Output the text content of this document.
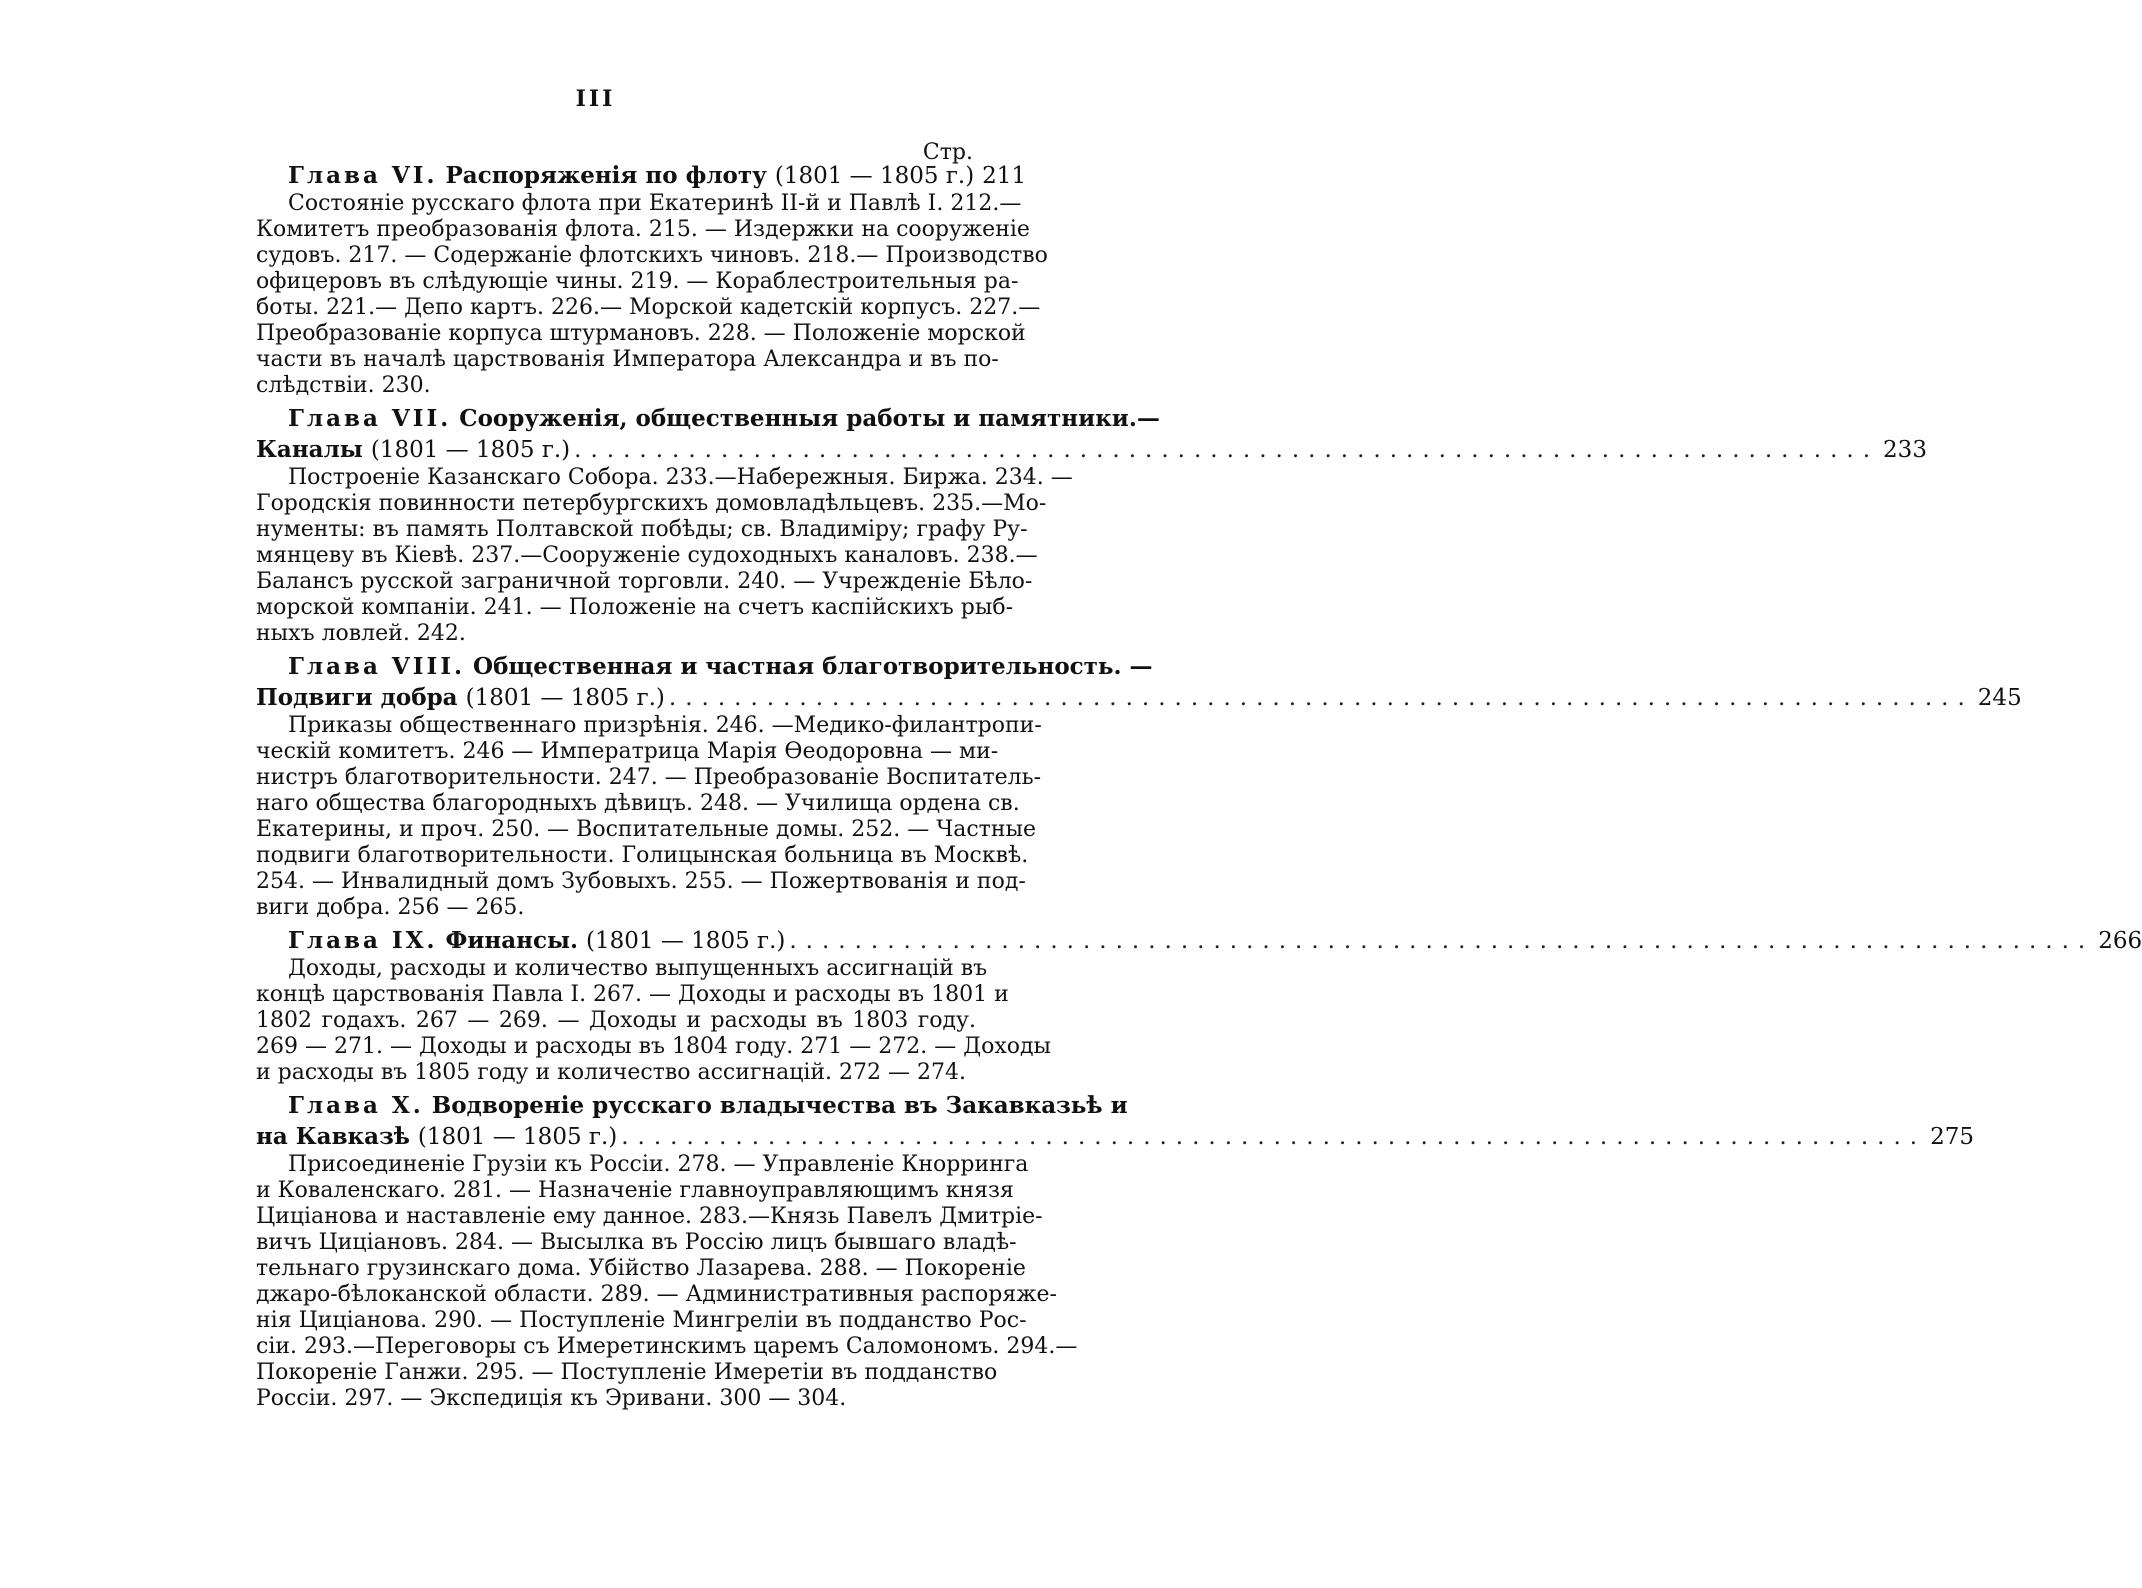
III
Стр.
Глава VI. Распоряженія по флоту (1801 — 1805 г.) 211
Состояніе русскаго флота при Екатеринѣ II-й и Павлѣ I. 212.—
Комитетъ преобразованія флота. 215. — Издержки на сооруженіе
судовъ. 217. — Содержаніе флотскихъ чиновъ. 218.— Производство
офицеровъ въ слѣдующіе чины. 219. — Кораблестроительныя ра-
боты. 221.— Депо картъ. 226.— Морской кадетскій корпусъ. 227.—
Преобразованіе корпуса штурмановъ. 228. — Положеніе морской
части въ началѣ царствованія Императора Александра и въ по-
слѣдствіи. 230.
Глава VII. Сооруженія, общественныя работы и памятники.—
Каналы (1801 — 1805 г.) ................................................................................ 233
Построеніе Казанскаго Собора. 233.—Набережныя. Биржа. 234. —
Городскія повинности петербургскихъ домовладѣльцевъ. 235.—Мо-
нументы: въ память Полтавской побѣды; св. Владиміру; графу Ру-
мянцеву въ Кіевѣ. 237.—Сооруженіе судоходныхъ каналовъ. 238.—
Балансъ русской заграничной торговли. 240. — Учрежденіе Бѣло-
морской компаніи. 241. — Положеніе на счетъ каспійскихъ рыб-
ныхъ ловлей. 242.
Глава VIII. Общественная и частная благотворительность. —
Подвиги добра (1801 — 1805 г.) ................................................................................ 245
Приказы общественнаго призрѣнія. 246. —Медико-филантропи-
ческій комитетъ. 246 — Императрица Марія Ѳеодоровна — ми-
нистръ благотворительности. 247. — Преобразованіе Воспитатель-
наго общества благородныхъ дѣвицъ. 248. — Училища ордена св.
Екатерины, и проч. 250. — Воспитательные домы. 252. — Частные
подвиги благотворительности. Голицынская больница въ Москвѣ.
254. — Инвалидный домъ Зубовыхъ. 255. — Пожертвованія и под-
виги добра. 256 — 265.
Глава IX. Финансы. (1801 — 1805 г.) ................................................................................ 266
Доходы, расходы и количество выпущенныхъ ассигнацій въ
концѣ царствованія Павла I. 267. — Доходы и расходы въ 1801 и
1802 годахъ. 267 — 269. — Доходы и расходы въ 1803 году.
269 — 271. — Доходы и расходы въ 1804 году. 271 — 272. — Доходы
и расходы въ 1805 году и количество ассигнацій. 272 — 274.
Глава X. Водвореніе русскаго владычества въ Закавказьѣ и
на Кавказѣ (1801 — 1805 г.) ................................................................................ 275
Присоединеніе Грузіи къ Россіи. 278. — Управленіе Кнорринга
и Коваленскаго. 281. — Назначеніе главноуправляющимъ князя
Цицiанова и наставленіе ему данное. 283.—Князь Павелъ Дмитріе-
вичъ Цицiановъ. 284. — Высылка въ Россію лицъ бывшаго владѣ-
тельнаго грузинскаго дома. Убійство Лазарева. 288. — Покореніе
джаро-бѣлоканской области. 289. — Административныя распоряже-
нія Цицiанова. 290. — Поступленіе Мингреліи въ подданство Рос-
сіи. 293.—Переговоры съ Имеретинскимъ царемъ Саломономъ. 294.—
Покореніе Ганжи. 295. — Поступленіе Имеретіи въ подданство
Россіи. 297. — Экспедиція къ Эривани. 300 — 304.
